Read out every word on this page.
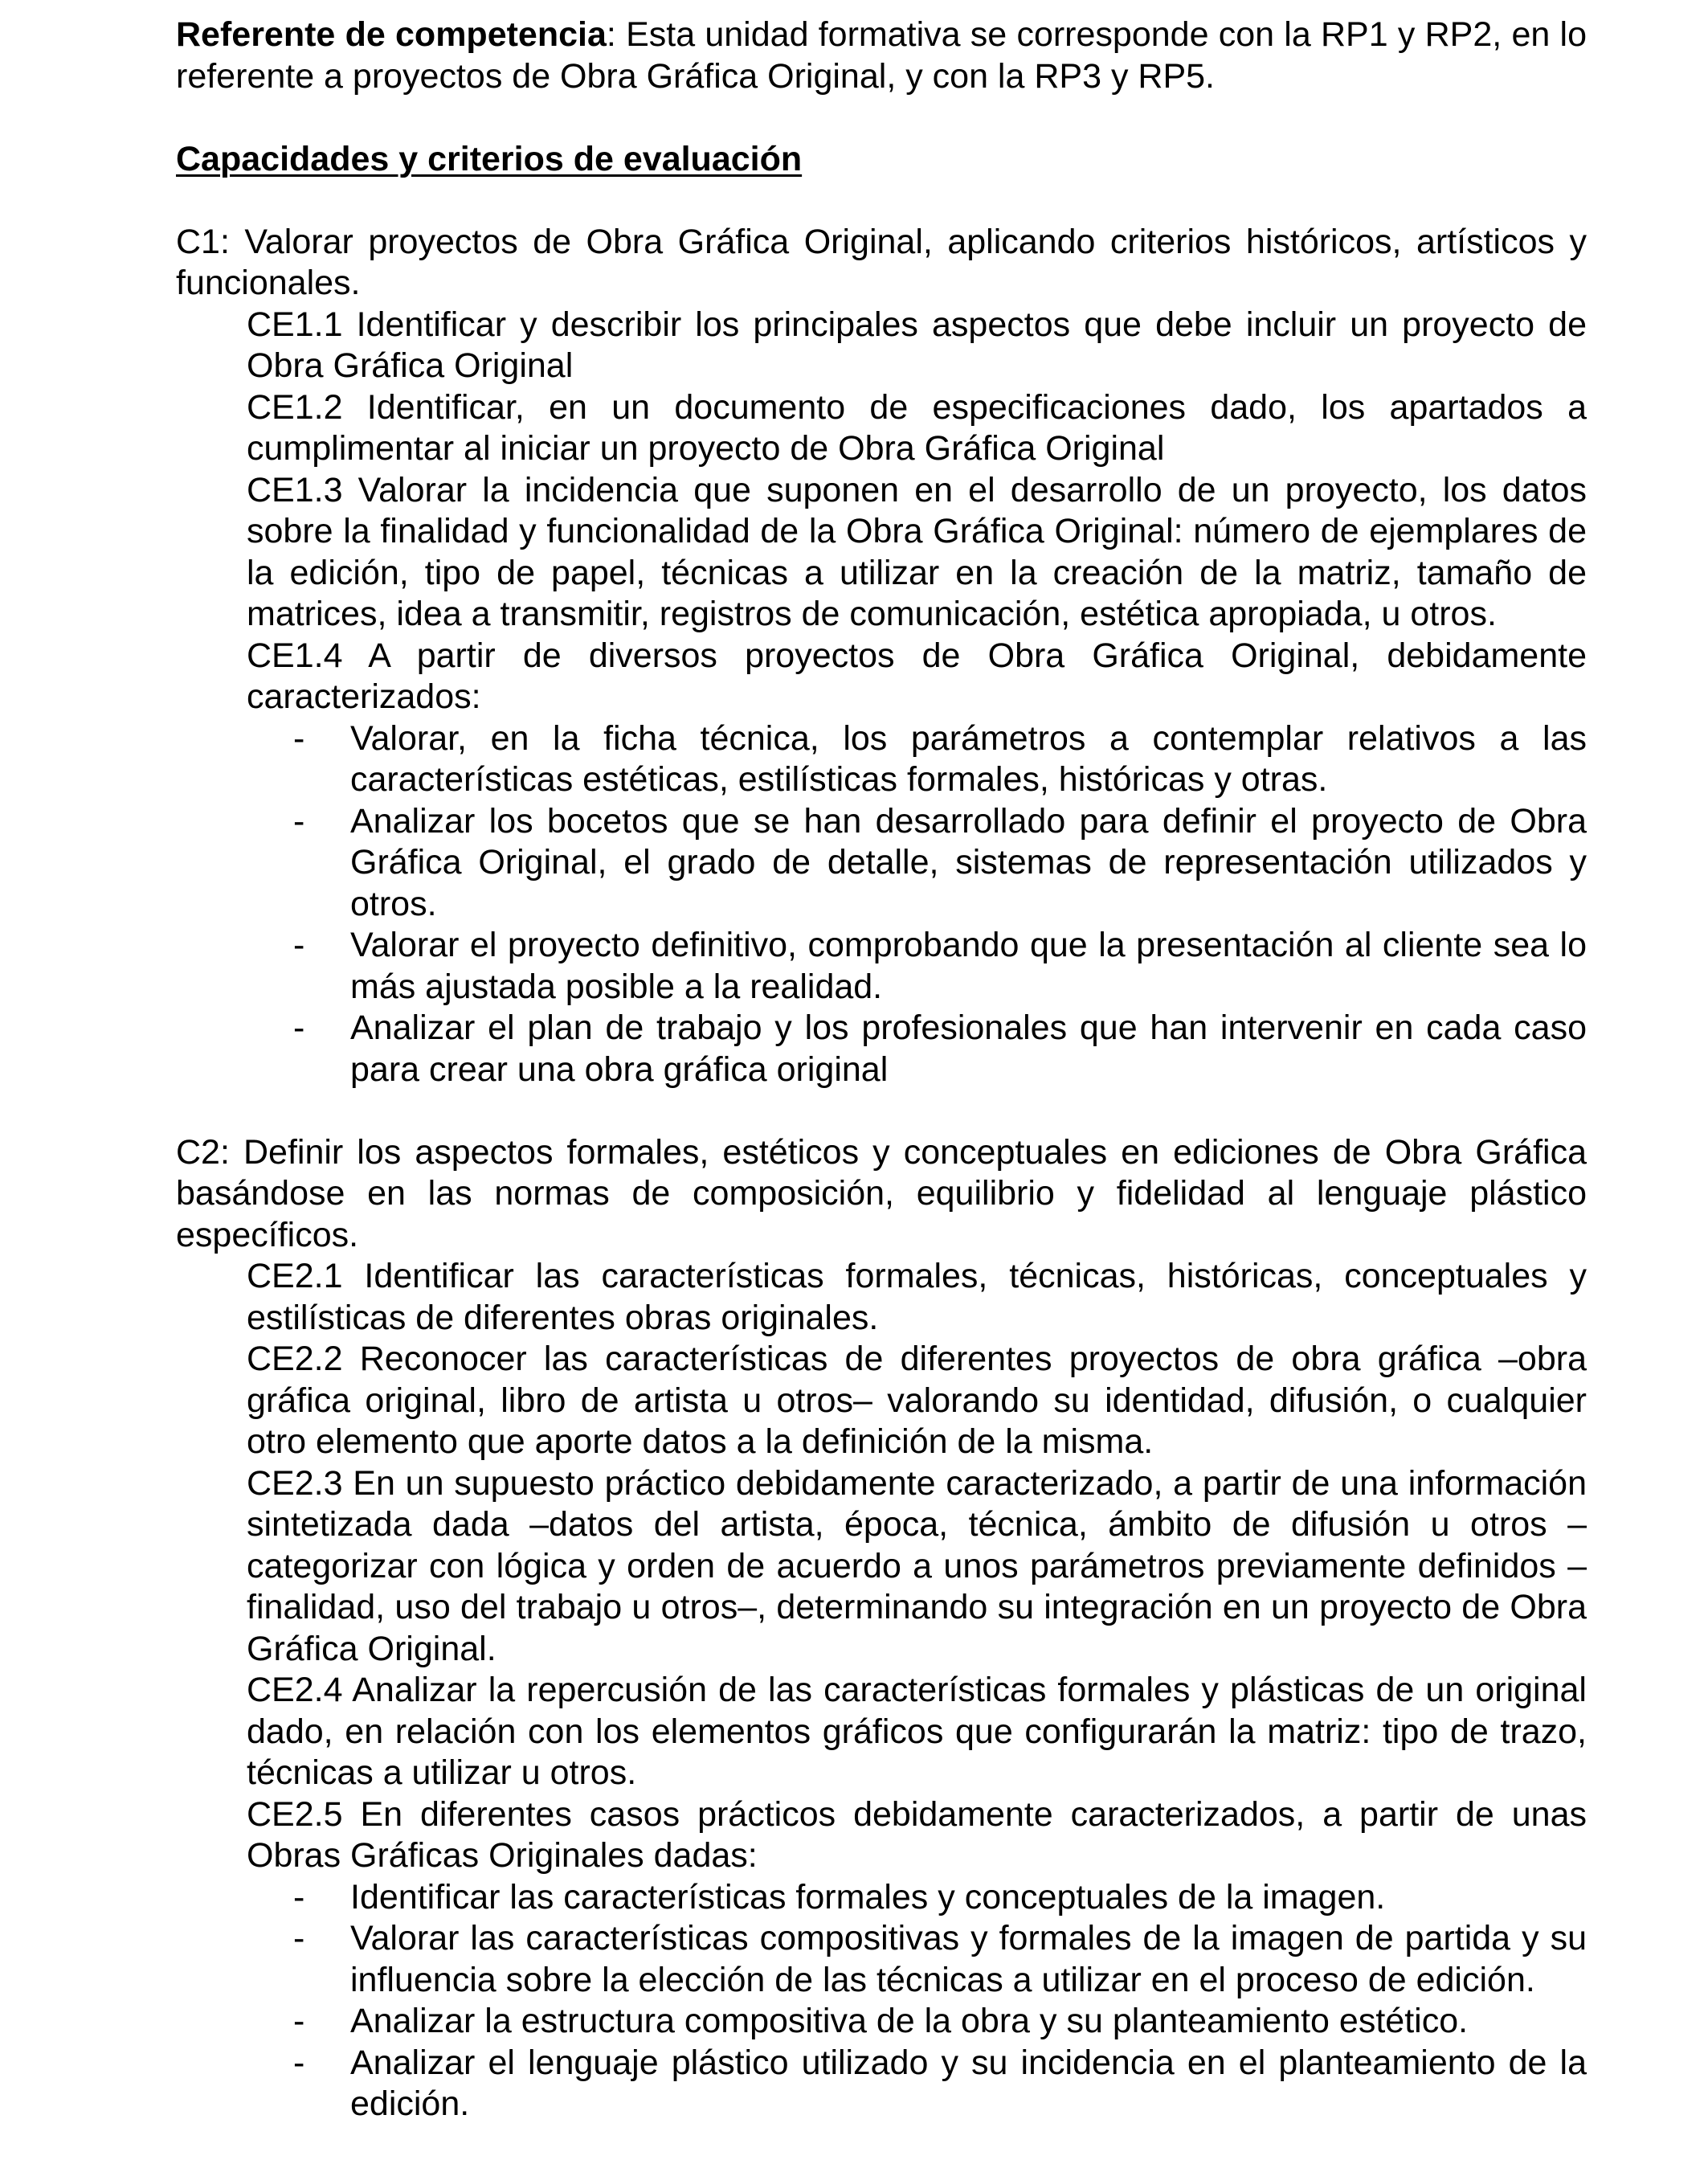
Referente de competencia: Esta unidad formativa se corresponde con la RP1 y RP2, en lo referente a proyectos de Obra Gráfica Original, y con la RP3 y RP5.

Capacidades y criterios de evaluación

C1: Valorar proyectos de Obra Gráfica Original, aplicando criterios históricos, artísticos y funcionales.

CE1.1 Identificar y describir los principales aspectos que debe incluir un proyecto de Obra Gráfica Original

CE1.2 Identificar, en un documento de especificaciones dado, los apartados a cumplimentar al iniciar un proyecto de Obra Gráfica Original

CE1.3 Valorar la incidencia que suponen en el desarrollo de un proyecto, los datos sobre la finalidad y funcionalidad de la Obra Gráfica Original: número de ejemplares de la edición, tipo de papel, técnicas a utilizar en la creación de la matriz, tamaño de matrices, idea a transmitir, registros de comunicación, estética apropiada, u otros.

CE1.4 A partir de diversos proyectos de Obra Gráfica Original, debidamente caracterizados:

- Valorar, en la ficha técnica, los parámetros a contemplar relativos a las características estéticas, estilísticas formales, históricas y otras.
- Analizar los bocetos que se han desarrollado para definir el proyecto de Obra Gráfica Original, el grado de detalle, sistemas de representación utilizados y otros.
- Valorar el proyecto definitivo, comprobando que la presentación al cliente sea lo más ajustada posible a la realidad.
- Analizar el plan de trabajo y los profesionales que han intervenir en cada caso para crear una obra gráfica original

C2: Definir los aspectos formales, estéticos y conceptuales en ediciones de Obra Gráfica basándose en las normas de composición, equilibrio y fidelidad al lenguaje plástico específicos.

CE2.1 Identificar las características formales, técnicas, históricas, conceptuales y estilísticas de diferentes obras originales.

CE2.2 Reconocer las características de diferentes proyectos de obra gráfica –obra gráfica original, libro de artista u otros– valorando su identidad, difusión, o cualquier otro elemento que aporte datos a la definición de la misma.

CE2.3 En un supuesto práctico debidamente caracterizado, a partir de una información sintetizada dada –datos del artista, época, técnica, ámbito de difusión u otros – categorizar con lógica y orden de acuerdo a unos parámetros previamente definidos –finalidad, uso del trabajo u otros–, determinando su integración en un proyecto de Obra Gráfica Original.

CE2.4 Analizar la repercusión de las características formales y plásticas de un original dado, en relación con los elementos gráficos que configurarán la matriz: tipo de trazo, técnicas a utilizar u otros.

CE2.5 En diferentes casos prácticos debidamente caracterizados, a partir de unas Obras Gráficas Originales dadas:

- Identificar las características formales y conceptuales de la imagen.
- Valorar las características compositivas y formales de la imagen de partida y su influencia sobre la elección de las técnicas a utilizar en el proceso de edición.
- Analizar la estructura compositiva de la obra y su planteamiento estético.
- Analizar el lenguaje plástico utilizado y su incidencia en el planteamiento de la edición.
